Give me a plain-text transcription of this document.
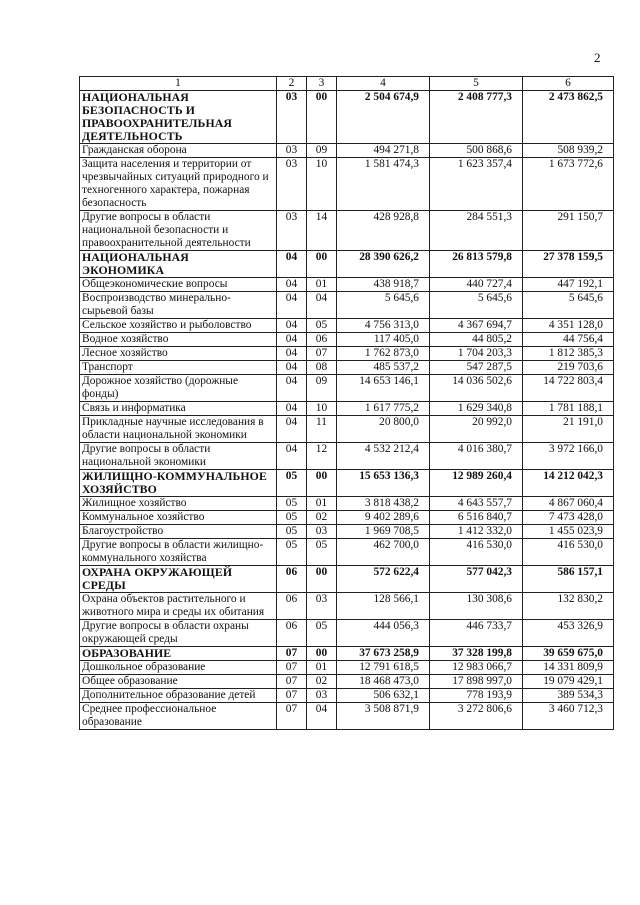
2
1	2	3	4	5	6
НАЦИОНАЛЬНАЯ БЕЗОПАСНОСТЬ И ПРАВООХРАНИТЕЛЬНАЯ ДЕЯТЕЛЬНОСТЬ	03	00	2 504 674,9	2 408 777,3	2 473 862,5
Гражданская оборона	03	09	494 271,8	500 868,6	508 939,2
Защита населения и территории от чрезвычайных ситуаций природного и техногенного характера, пожарная безопасность	03	10	1 581 474,3	1 623 357,4	1 673 772,6
Другие вопросы в области национальной безопасности и правоохранительной деятельности	03	14	428 928,8	284 551,3	291 150,7
НАЦИОНАЛЬНАЯ ЭКОНОМИКА	04	00	28 390 626,2	26 813 579,8	27 378 159,5
Общеэкономические вопросы	04	01	438 918,7	440 727,4	447 192,1
Воспроизводство минерально-сырьевой базы	04	04	5 645,6	5 645,6	5 645,6
Сельское хозяйство и рыболовство	04	05	4 756 313,0	4 367 694,7	4 351 128,0
Водное хозяйство	04	06	117 405,0	44 805,2	44 756,4
Лесное хозяйство	04	07	1 762 873,0	1 704 203,3	1 812 385,3
Транспорт	04	08	485 537,2	547 287,5	219 703,6
Дорожное хозяйство (дорожные фонды)	04	09	14 653 146,1	14 036 502,6	14 722 803,4
Связь и информатика	04	10	1 617 775,2	1 629 340,8	1 781 188,1
Прикладные научные исследования в области национальной экономики	04	11	20 800,0	20 992,0	21 191,0
Другие вопросы в области национальной экономики	04	12	4 532 212,4	4 016 380,7	3 972 166,0
ЖИЛИЩНО-КОММУНАЛЬНОЕ ХОЗЯЙСТВО	05	00	15 653 136,3	12 989 260,4	14 212 042,3
Жилищное хозяйство	05	01	3 818 438,2	4 643 557,7	4 867 060,4
Коммунальное хозяйство	05	02	9 402 289,6	6 516 840,7	7 473 428,0
Благоустройство	05	03	1 969 708,5	1 412 332,0	1 455 023,9
Другие вопросы в области жилищно-коммунального хозяйства	05	05	462 700,0	416 530,0	416 530,0
ОХРАНА ОКРУЖАЮЩЕЙ СРЕДЫ	06	00	572 622,4	577 042,3	586 157,1
Охрана объектов растительного и животного мира и среды их обитания	06	03	128 566,1	130 308,6	132 830,2
Другие вопросы в области охраны окружающей среды	06	05	444 056,3	446 733,7	453 326,9
ОБРАЗОВАНИЕ	07	00	37 673 258,9	37 328 199,8	39 659 675,0
Дошкольное образование	07	01	12 791 618,5	12 983 066,7	14 331 809,9
Общее образование	07	02	18 468 473,0	17 898 997,0	19 079 429,1
Дополнительное образование детей	07	03	506 632,1	778 193,9	389 534,3
Среднее профессиональное образование	07	04	3 508 871,9	3 272 806,6	3 460 712,3
